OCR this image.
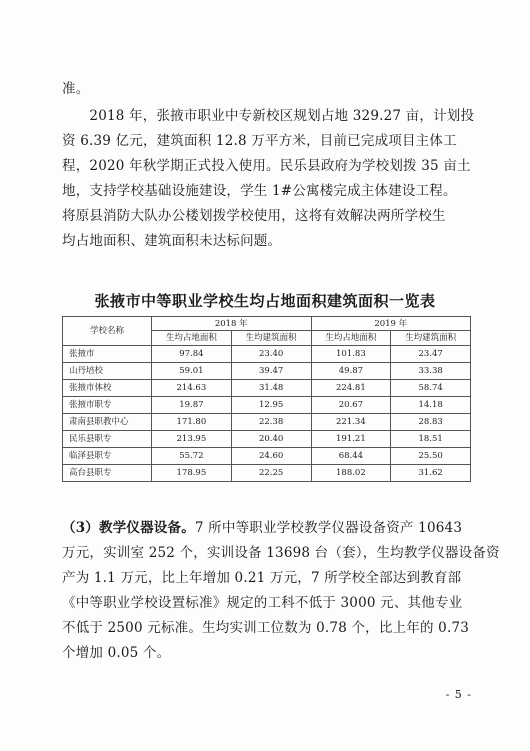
准。
　　2018 年，张掖市职业中专新校区规划占地 329.27 亩，计划投
资 6.39 亿元，建筑面积 12.8 万平方米，目前已完成项目主体工
程，2020 年秋学期正式投入使用。民乐县政府为学校划拨 35 亩土
地，支持学校基础设施建设，学生 1#公寓楼完成主体建设工程。
将原县消防大队办公楼划拨学校使用，这将有效解决两所学校生
均占地面积、建筑面积未达标问题。
张掖市中等职业学校生均占地面积建筑面积一览表
学校名称	2018 年		2019 年	
	生均占地面积	生均建筑面积	生均占地面积	生均建筑面积
张掖市	97.84	23.40	101.83	23.47
山丹培校	59.01	39.47	49.87	33.38
张掖市体校	214.63	31.48	224.81	58.74
张掖市职专	19.87	12.95	20.67	14.18
肃南县职教中心	171.80	22.38	221.34	28.83
民乐县职专	213.95	20.40	191.21	18.51
临泽县职专	55.72	24.60	68.44	25.50
高台县职专	178.95	22.25	188.02	31.62
（3）教学仪器设备。7 所中等职业学校教学仪器设备资产 10643
万元，实训室 252 个，实训设备 13698 台（套），生均教学仪器设备资
产为 1.1 万元，比上年增加 0.21 万元，7 所学校全部达到教育部
《中等职业学校设置标准》规定的工科不低于 3000 元、其他专业
不低于 2500 元标准。生均实训工位数为 0.78 个，比上年的 0.73
个增加 0.05 个。
- 5 -
